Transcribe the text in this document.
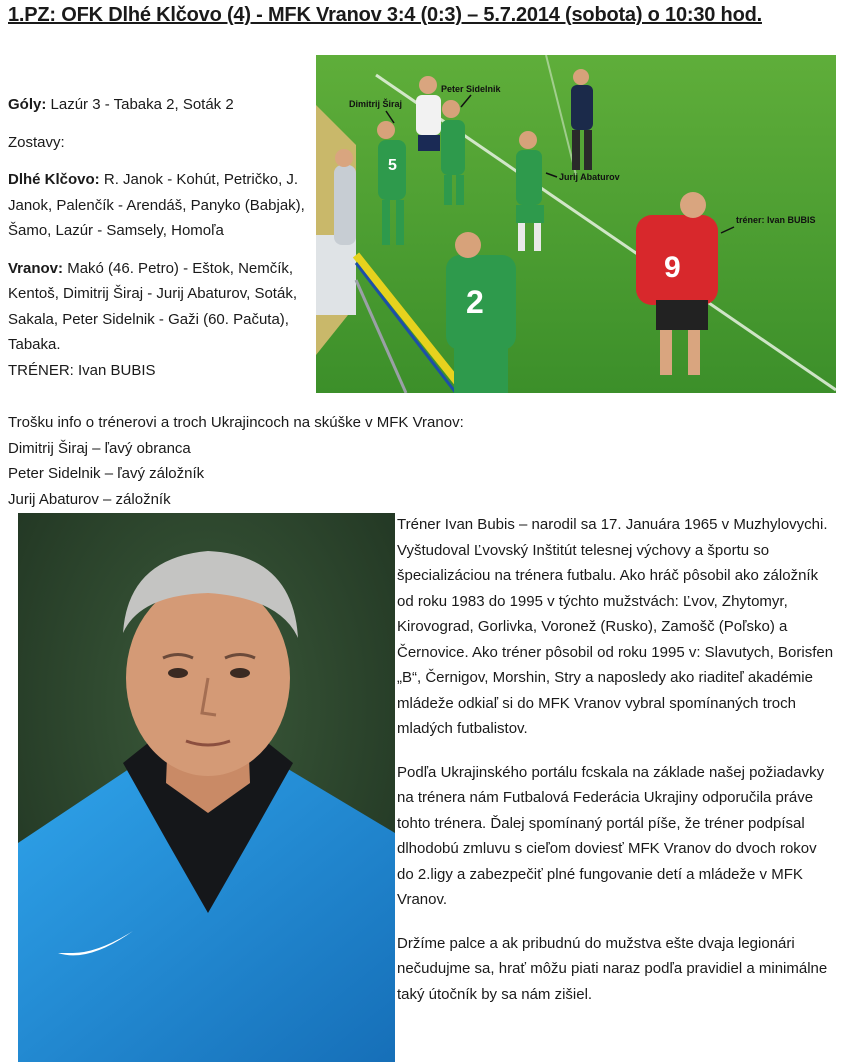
1.PZ: OFK Dlhé Klčovo (4) - MFK Vranov 3:4 (0:3) – 5.7.2014 (sobota) o 10:30 hod.

Góly: Lazúr 3 - Tabaka 2, Soták 2

Zostavy:

Dlhé Klčovo: R. Janok - Kohút, Petričko, J. Janok, Palenčík - Arendáš, Panyko (Babjak), Šamo, Lazúr - Samsely, Homoľa

Vranov: Makó (46. Petro) - Eštok, Nemčík, Kentoš, Dimitrij Širaj - Jurij Abaturov, Soták, Sakala, Peter Sidelnik - Gaži (60. Pačuta), Tabaka.

TRÉNER: Ivan BUBIS
5
2
9
Dimitrij Širaj
Peter Sidelnik
Jurij Abaturov
tréner: Ivan BUBIS
Trošku info o trénerovi a troch Ukrajincoch na skúške v MFK Vranov:
Dimitrij Širaj – ľavý obranca
Peter Sidelnik – ľavý záložník
Jurij Abaturov – záložník

Tréner Ivan Bubis – narodil sa 17. Januára 1965 v Muzhylovychi. Vyštudoval Ľvovský Inštitút telesnej výchovy a športu so špecializáciou na trénera futbalu. Ako hráč pôsobil ako záložník od roku 1983 do 1995 v týchto mužstvách: Ľvov, Zhytomyr, Kirovograd, Gorlivka, Voronež (Rusko), Zamošč (Poľsko) a Černovice. Ako tréner pôsobil od roku 1995 v: Slavutych, Borisfen „B“, Černigov, Morshin, Stry a naposledy ako riaditeľ akadémie mládeže odkiaľ si do MFK Vranov vybral spomínaných troch mladých futbalistov.

Podľa Ukrajinského portálu fcskala na základe našej požiadavky na trénera nám Futbalová Federácia Ukrajiny odporučila práve tohto trénera. Ďalej spomínaný portál píše, že tréner podpísal dlhodobú zmluvu s cieľom doviesť MFK Vranov do dvoch rokov do 2.ligy a zabezpečiť plné fungovanie detí a mládeže v MFK Vranov.

Držíme palce a ak pribudnú do mužstva ešte dvaja legionári nečudujme sa, hrať môžu piati naraz podľa pravidiel a minimálne taký útočník by sa nám zišiel.
